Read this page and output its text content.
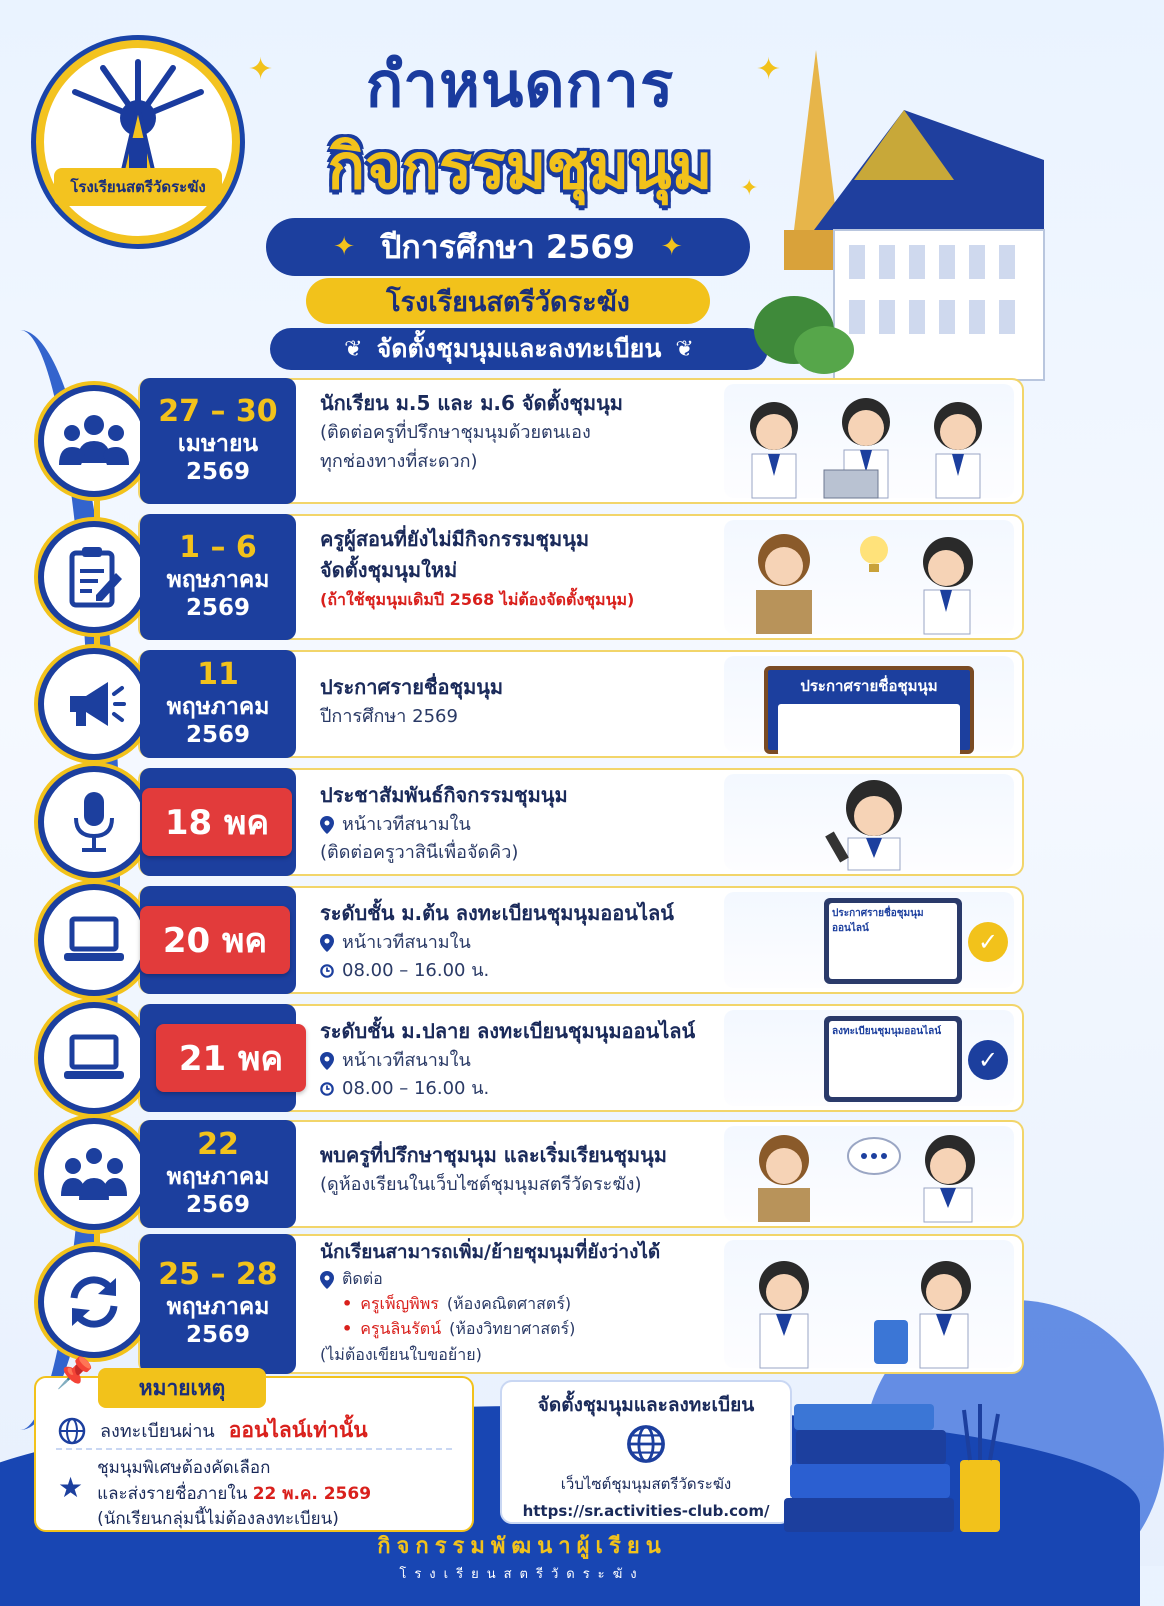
โรงเรียนสตรีวัดระฆัง
✦	✦
✦
กำหนดการ
กิจกรรมชุมนุม
✦ ปีการศึกษา 2569 ✦
โรงเรียนสตรีวัดระฆัง
❦ จัดตั้งชุมนุมและลงทะเบียน ❦
27 – 30
เมษายน
2569
นักเรียน ม.5 และ ม.6 จัดตั้งชุมนุม
(ติดต่อครูที่ปรึกษาชุมนุมด้วยตนเอง
ทุกช่องทางที่สะดวก)
1 – 6
พฤษภาคม
2569
ครูผู้สอนที่ยังไม่มีกิจกรรมชุมนุม
จัดตั้งชุมนุมใหม่
(ถ้าใช้ชุมนุมเดิมปี 2568 ไม่ต้องจัดตั้งชุมนุม)
11
พฤษภาคม
2569
ประกาศรายชื่อชุมนุม
ปีการศึกษา 2569
ประกาศรายชื่อชุมนุม
ประชาสัมพันธ์กิจกรรมชุมนุม
หน้าเวทีสนามใน
(ติดต่อครูวาสินีเพื่อจัดคิว)
18 พค
ระดับชั้น ม.ต้น ลงทะเบียนชุมนุมออนไลน์
หน้าเวทีสนามใน
08.00 – 16.00 น.
ประกาศรายชื่อชุมนุมออนไลน์	✓
20 พค
ระดับชั้น ม.ปลาย ลงทะเบียนชุมนุมออนไลน์
หน้าเวทีสนามใน
08.00 – 16.00 น.
ลงทะเบียนชุมนุมออนไลน์
✓
21 พค
22
พฤษภาคม
2569
พบครูที่ปรึกษาชุมนุม และเริ่มเรียนชุมนุม
(ดูห้องเรียนในเว็บไซต์ชุมนุมสตรีวัดระฆัง)
25 – 28
พฤษภาคม
2569
นักเรียนสามารถเพิ่ม/ย้ายชุมนุมที่ยังว่างได้
ติดต่อ
• ครูเพ็ญพิพร (ห้องคณิตศาสตร์)
• ครูนลินรัตน์ (ห้องวิทยาศาสตร์)
(ไม่ต้องเขียนใบขอย้าย)
หมายเหตุ
📌
ลงทะเบียนผ่าน ออนไลน์เท่านั้น
★
ชุมนุมพิเศษต้องคัดเลือก
และส่งรายชื่อภายใน 22 พ.ค. 2569
(นักเรียนกลุ่มนี้ไม่ต้องลงทะเบียน)
จัดตั้งชุมนุมและลงทะเบียน
เว็บไซต์ชุมนุมสตรีวัดระฆัง
https://sr.activities-club.com/
กิจกรรมพัฒนาผู้เรียน
โรงเรียนสตรีวัดระฆัง
